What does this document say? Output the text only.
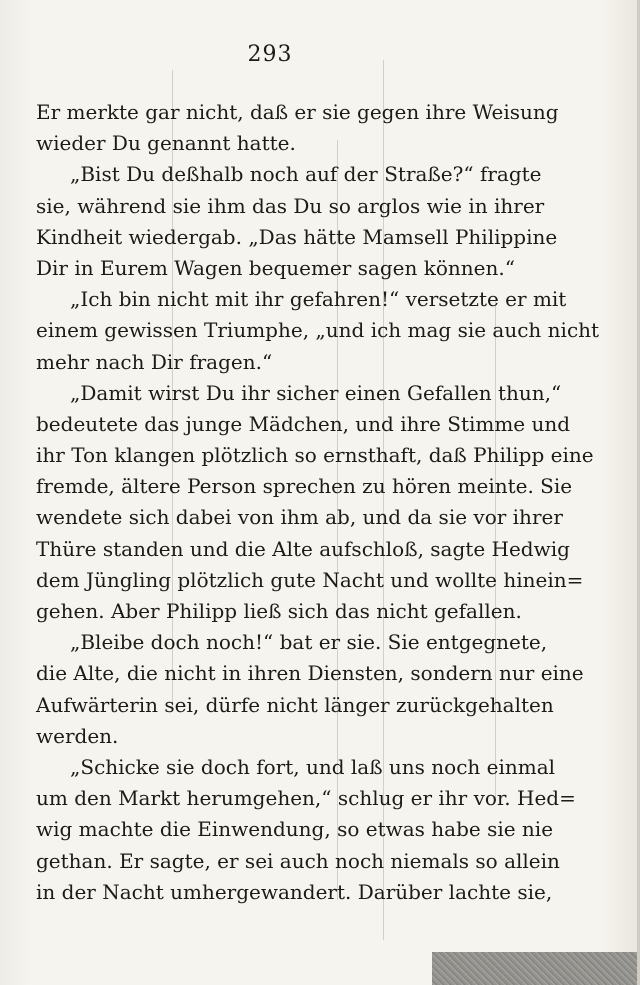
293
Er merkte gar nicht, daß er sie gegen ihre Weisung
wieder Du genannt hatte.
„Bist Du deßhalb noch auf der Straße?“ fragte
sie, während sie ihm das Du so arglos wie in ihrer
Kindheit wiedergab. „Das hätte Mamsell Philippine
Dir in Eurem Wagen bequemer sagen können.“
„Ich bin nicht mit ihr gefahren!“ versetzte er mit
einem gewissen Triumphe, „und ich mag sie auch nicht
mehr nach Dir fragen.“
„Damit wirst Du ihr sicher einen Gefallen thun,“
bedeutete das junge Mädchen, und ihre Stimme und
ihr Ton klangen plötzlich so ernsthaft, daß Philipp eine
fremde, ältere Person sprechen zu hören meinte. Sie
wendete sich dabei von ihm ab, und da sie vor ihrer
Thüre standen und die Alte aufschloß, sagte Hedwig
dem Jüngling plötzlich gute Nacht und wollte hinein=
gehen. Aber Philipp ließ sich das nicht gefallen.
„Bleibe doch noch!“ bat er sie. Sie entgegnete,
die Alte, die nicht in ihren Diensten, sondern nur eine
Aufwärterin sei, dürfe nicht länger zurückgehalten
werden.
„Schicke sie doch fort, und laß uns noch einmal
um den Markt herumgehen,“ schlug er ihr vor. Hed=
wig machte die Einwendung, so etwas habe sie nie
gethan. Er sagte, er sei auch noch niemals so allein
in der Nacht umhergewandert. Darüber lachte sie,
